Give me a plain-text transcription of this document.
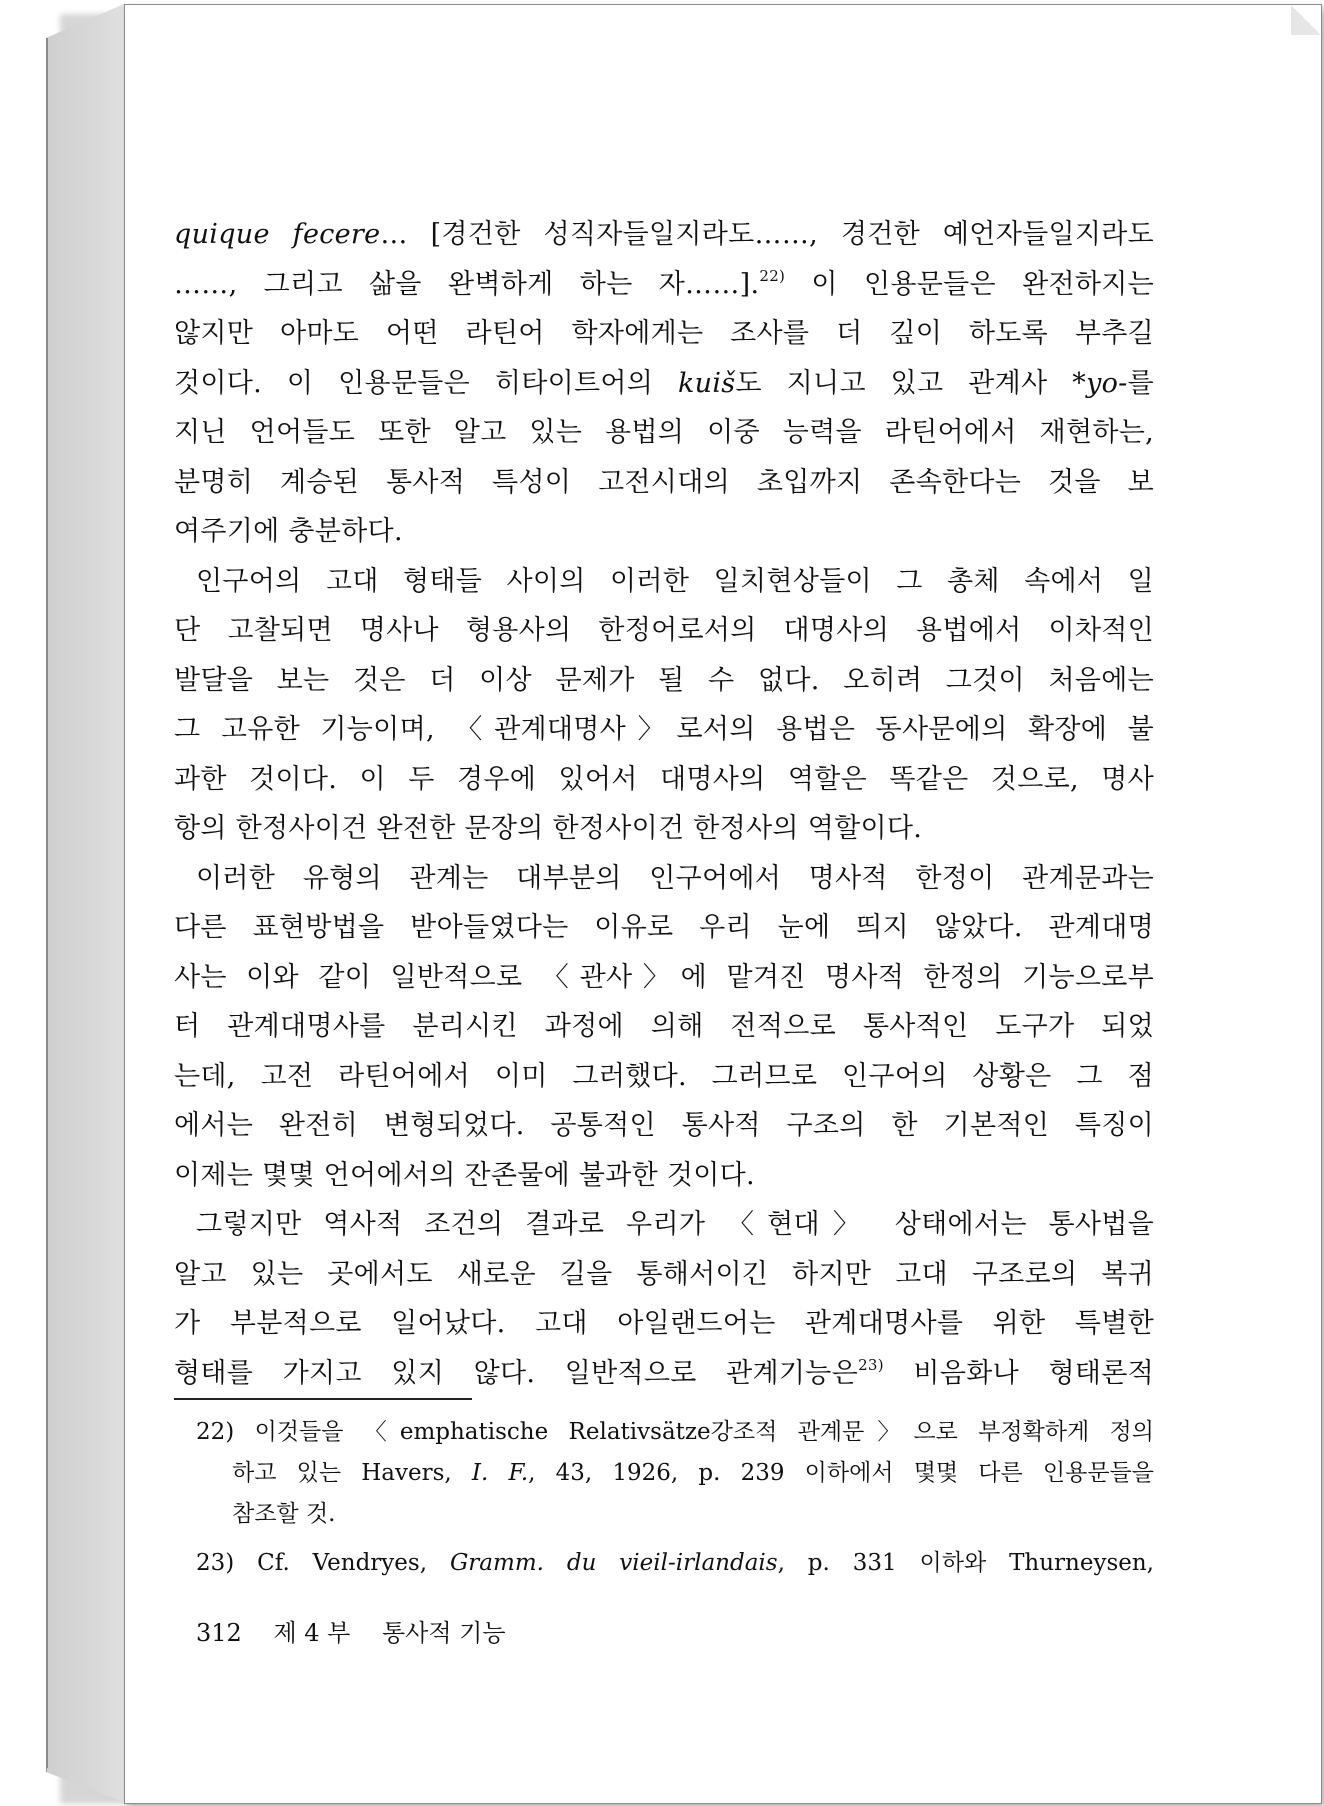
quique fecere… [경건한 성직자들일지라도……, 경건한 예언자들일지라도
……, 그리고 삶을 완벽하게 하는 자……].$^{22)}$ 이 인용문들은 완전하지는
않지만 아마도 어떤 라틴어 학자에게는 조사를 더 깊이 하도록 부추길
것이다. 이 인용문들은 히타이트어의 kuiš도 지니고 있고 관계사 *yo-를
지닌 언어들도 또한 알고 있는 용법의 이중 능력을 라틴어에서 재현하는,
분명히 계승된 통사적 특성이 고전시대의 초입까지 존속한다는 것을 보
여주기에 충분하다.
인구어의 고대 형태들 사이의 이러한 일치현상들이 그 총체 속에서 일
단 고찰되면 명사나 형용사의 한정어로서의 대명사의 용법에서 이차적인
발달을 보는 것은 더 이상 문제가 될 수 없다. 오히려 그것이 처음에는
그 고유한 기능이며, 〈관계대명사〉로서의 용법은 동사문에의 확장에 불
과한 것이다. 이 두 경우에 있어서 대명사의 역할은 똑같은 것으로, 명사
항의 한정사이건 완전한 문장의 한정사이건 한정사의 역할이다.
이러한 유형의 관계는 대부분의 인구어에서 명사적 한정이 관계문과는
다른 표현방법을 받아들였다는 이유로 우리 눈에 띄지 않았다. 관계대명
사는 이와 같이 일반적으로 〈관사〉에 맡겨진 명사적 한정의 기능으로부
터 관계대명사를 분리시킨 과정에 의해 전적으로 통사적인 도구가 되었
는데, 고전 라틴어에서 이미 그러했다. 그러므로 인구어의 상황은 그 점
에서는 완전히 변형되었다. 공통적인 통사적 구조의 한 기본적인 특징이
이제는 몇몇 언어에서의 잔존물에 불과한 것이다.
그렇지만 역사적 조건의 결과로 우리가 〈현대〉 상태에서는 통사법을
알고 있는 곳에서도 새로운 길을 통해서이긴 하지만 고대 구조로의 복귀
가 부분적으로 일어났다. 고대 아일랜드어는 관계대명사를 위한 특별한
형태를 가지고 있지 않다. 일반적으로 관계기능은$^{23)}$ 비음화나 형태론적
22) 이것들을 〈emphatische Relativsätze강조적 관계문〉으로 부정확하게 정의
하고 있는 Havers, I. F., 43, 1926, p. 239 이하에서 몇몇 다른 인용문들을
참조할 것.
23) Cf. Vendryes, Gramm. du vieil-irlandais, p. 331 이하와 Thurneysen,
312 제 4 부 통사적 기능
